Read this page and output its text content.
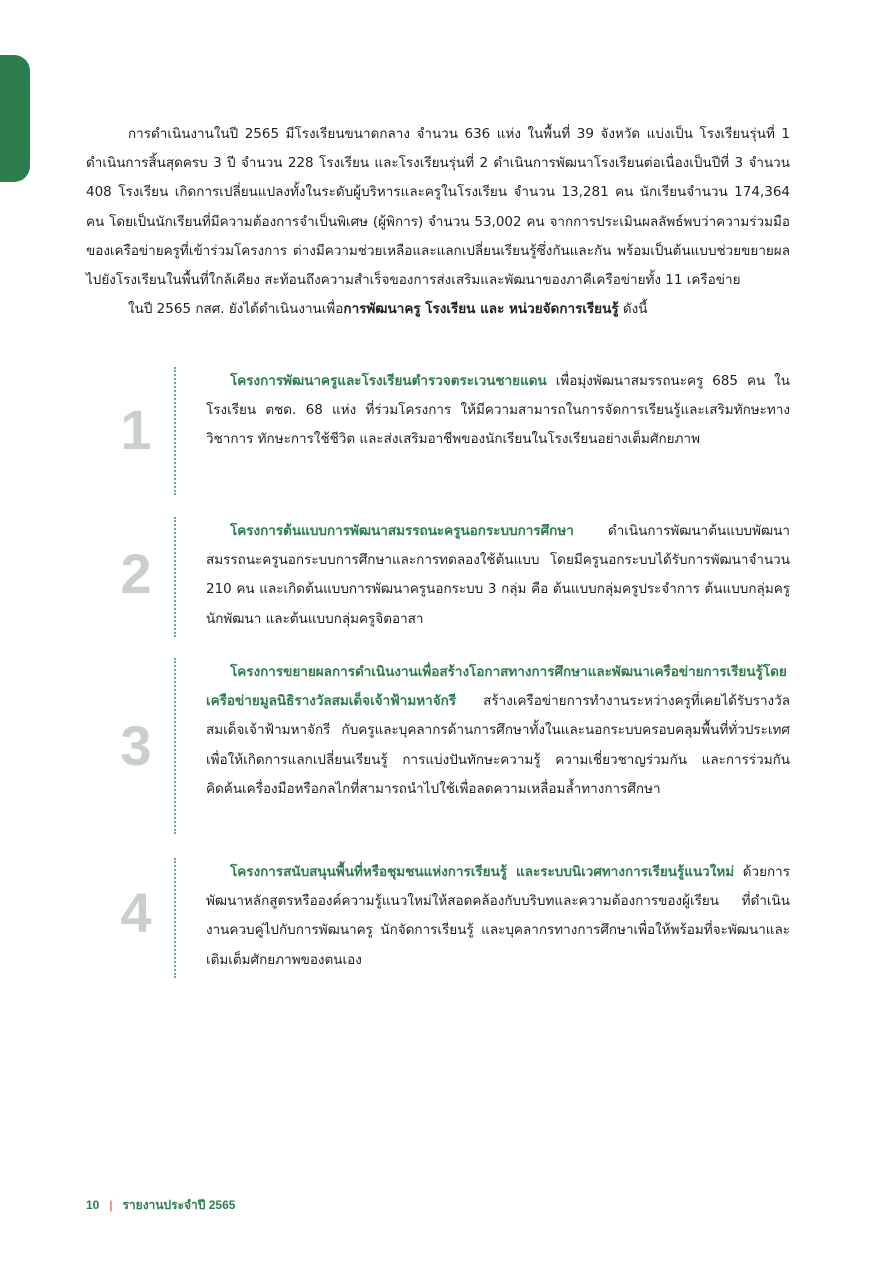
การดำเนินงานในปี 2565 มีโรงเรียนขนาดกลาง จำนวน 636 แห่ง ในพื้นที่ 39 จังหวัด แบ่งเป็น โรงเรียนรุ่นที่ 1 ดำเนินการสิ้นสุดครบ 3 ปี จำนวน 228 โรงเรียน และโรงเรียนรุ่นที่ 2 ดำเนินการพัฒนาโรงเรียนต่อเนื่องเป็นปีที่ 3 จำนวน 408 โรงเรียน เกิดการเปลี่ยนแปลงทั้งในระดับผู้บริหารและครูในโรงเรียน จำนวน 13,281 คน นักเรียนจำนวน 174,364 คน โดยเป็นนักเรียนที่มีความต้องการจำเป็นพิเศษ (ผู้พิการ) จำนวน 53,002 คน จากการประเมินผลลัพธ์พบว่าความร่วมมือของเครือข่ายครูที่เข้าร่วมโครงการ ต่างมีความช่วยเหลือและแลกเปลี่ยนเรียนรู้ซึ่งกันและกัน พร้อมเป็นต้นแบบช่วยขยายผลไปยังโรงเรียนในพื้นที่ใกล้เคียง สะท้อนถึงความสำเร็จของการส่งเสริมและพัฒนาของภาคีเครือข่ายทั้ง 11 เครือข่าย

ในปี 2565 กสศ. ยังได้ดำเนินงานเพื่อการพัฒนาครู โรงเรียน และ หน่วยจัดการเรียนรู้ ดังนี้

1

โครงการพัฒนาครูและโรงเรียนตำรวจตระเวนชายแดน เพื่อมุ่งพัฒนาสมรรถนะครู 685 คน ในโรงเรียน ตชด. 68 แห่ง ที่ร่วมโครงการ ให้มีความสามารถในการจัดการเรียนรู้และเสริมทักษะทางวิชาการ ทักษะการใช้ชีวิต และส่งเสริมอาชีพของนักเรียนในโรงเรียนอย่างเต็มศักยภาพ

2

โครงการต้นแบบการพัฒนาสมรรถนะครูนอกระบบการศึกษา ดำเนินการพัฒนาต้นแบบพัฒนาสมรรถนะครูนอกระบบการศึกษาและการทดลองใช้ต้นแบบ โดยมีครูนอกระบบได้รับการพัฒนาจำนวน 210 คน และเกิดต้นแบบการพัฒนาครูนอกระบบ 3 กลุ่ม คือ ต้นแบบกลุ่มครูประจำการ ต้นแบบกลุ่มครูนักพัฒนา และต้นแบบกลุ่มครูจิตอาสา

3

โครงการขยายผลการดำเนินงานเพื่อสร้างโอกาสทางการศึกษาและพัฒนาเครือข่ายการเรียนรู้โดยเครือข่ายมูลนิธิรางวัลสมเด็จเจ้าฟ้ามหาจักรี สร้างเครือข่ายการทำงานระหว่างครูที่เคยได้รับรางวัลสมเด็จเจ้าฟ้ามหาจักรี กับครูและบุคลากรด้านการศึกษาทั้งในและนอกระบบครอบคลุมพื้นที่ทั่วประเทศ เพื่อให้เกิดการแลกเปลี่ยนเรียนรู้ การแบ่งปันทักษะความรู้ ความเชี่ยวชาญร่วมกัน และการร่วมกันคิดค้นเครื่องมือหรือกลไกที่สามารถนำไปใช้เพื่อลดความเหลื่อมล้ำทางการศึกษา

4

โครงการสนับสนุนพื้นที่หรือชุมชนแห่งการเรียนรู้ และระบบนิเวศทางการเรียนรู้แนวใหม่ ด้วยการพัฒนาหลักสูตรหรือองค์ความรู้แนวใหม่ให้สอดคล้องกับบริบทและความต้องการของผู้เรียน ที่ดำเนินงานควบคู่ไปกับการพัฒนาครู นักจัดการเรียนรู้ และบุคลากรทางการศึกษาเพื่อให้พร้อมที่จะพัฒนาและเติมเต็มศักยภาพของตนเอง

10 | รายงานประจำปี 2565
